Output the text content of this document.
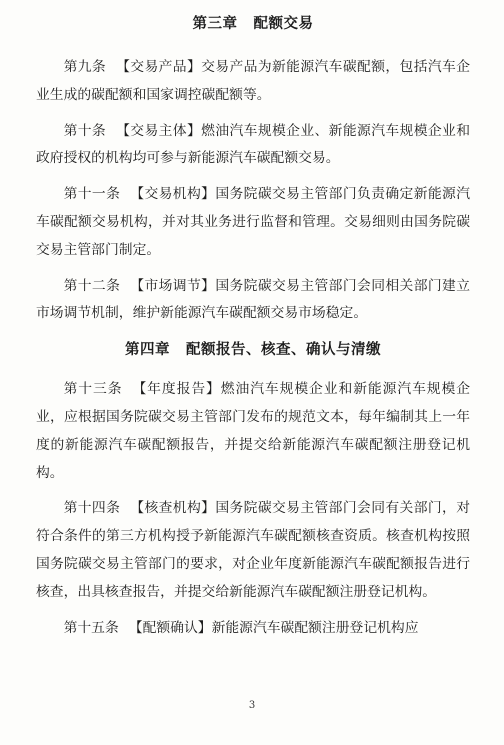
第三章 配额交易

第九条 【交易产品】交易产品为新能源汽车碳配额，包括汽车企业生成的碳配额和国家调控碳配额等。

第十条 【交易主体】燃油汽车规模企业、新能源汽车规模企业和政府授权的机构均可参与新能源汽车碳配额交易。

第十一条 【交易机构】国务院碳交易主管部门负责确定新能源汽车碳配额交易机构，并对其业务进行监督和管理。交易细则由国务院碳交易主管部门制定。

第十二条 【市场调节】国务院碳交易主管部门会同相关部门建立市场调节机制，维护新能源汽车碳配额交易市场稳定。

第四章 配额报告、核查、确认与清缴

第十三条 【年度报告】燃油汽车规模企业和新能源汽车规模企业，应根据国务院碳交易主管部门发布的规范文本，每年编制其上一年度的新能源汽车碳配额报告，并提交给新能源汽车碳配额注册登记机构。

第十四条 【核查机构】国务院碳交易主管部门会同有关部门，对符合条件的第三方机构授予新能源汽车碳配额核查资质。核查机构按照国务院碳交易主管部门的要求，对企业年度新能源汽车碳配额报告进行核查，出具核查报告，并提交给新能源汽车碳配额注册登记机构。

第十五条 【配额确认】新能源汽车碳配额注册登记机构应

3
